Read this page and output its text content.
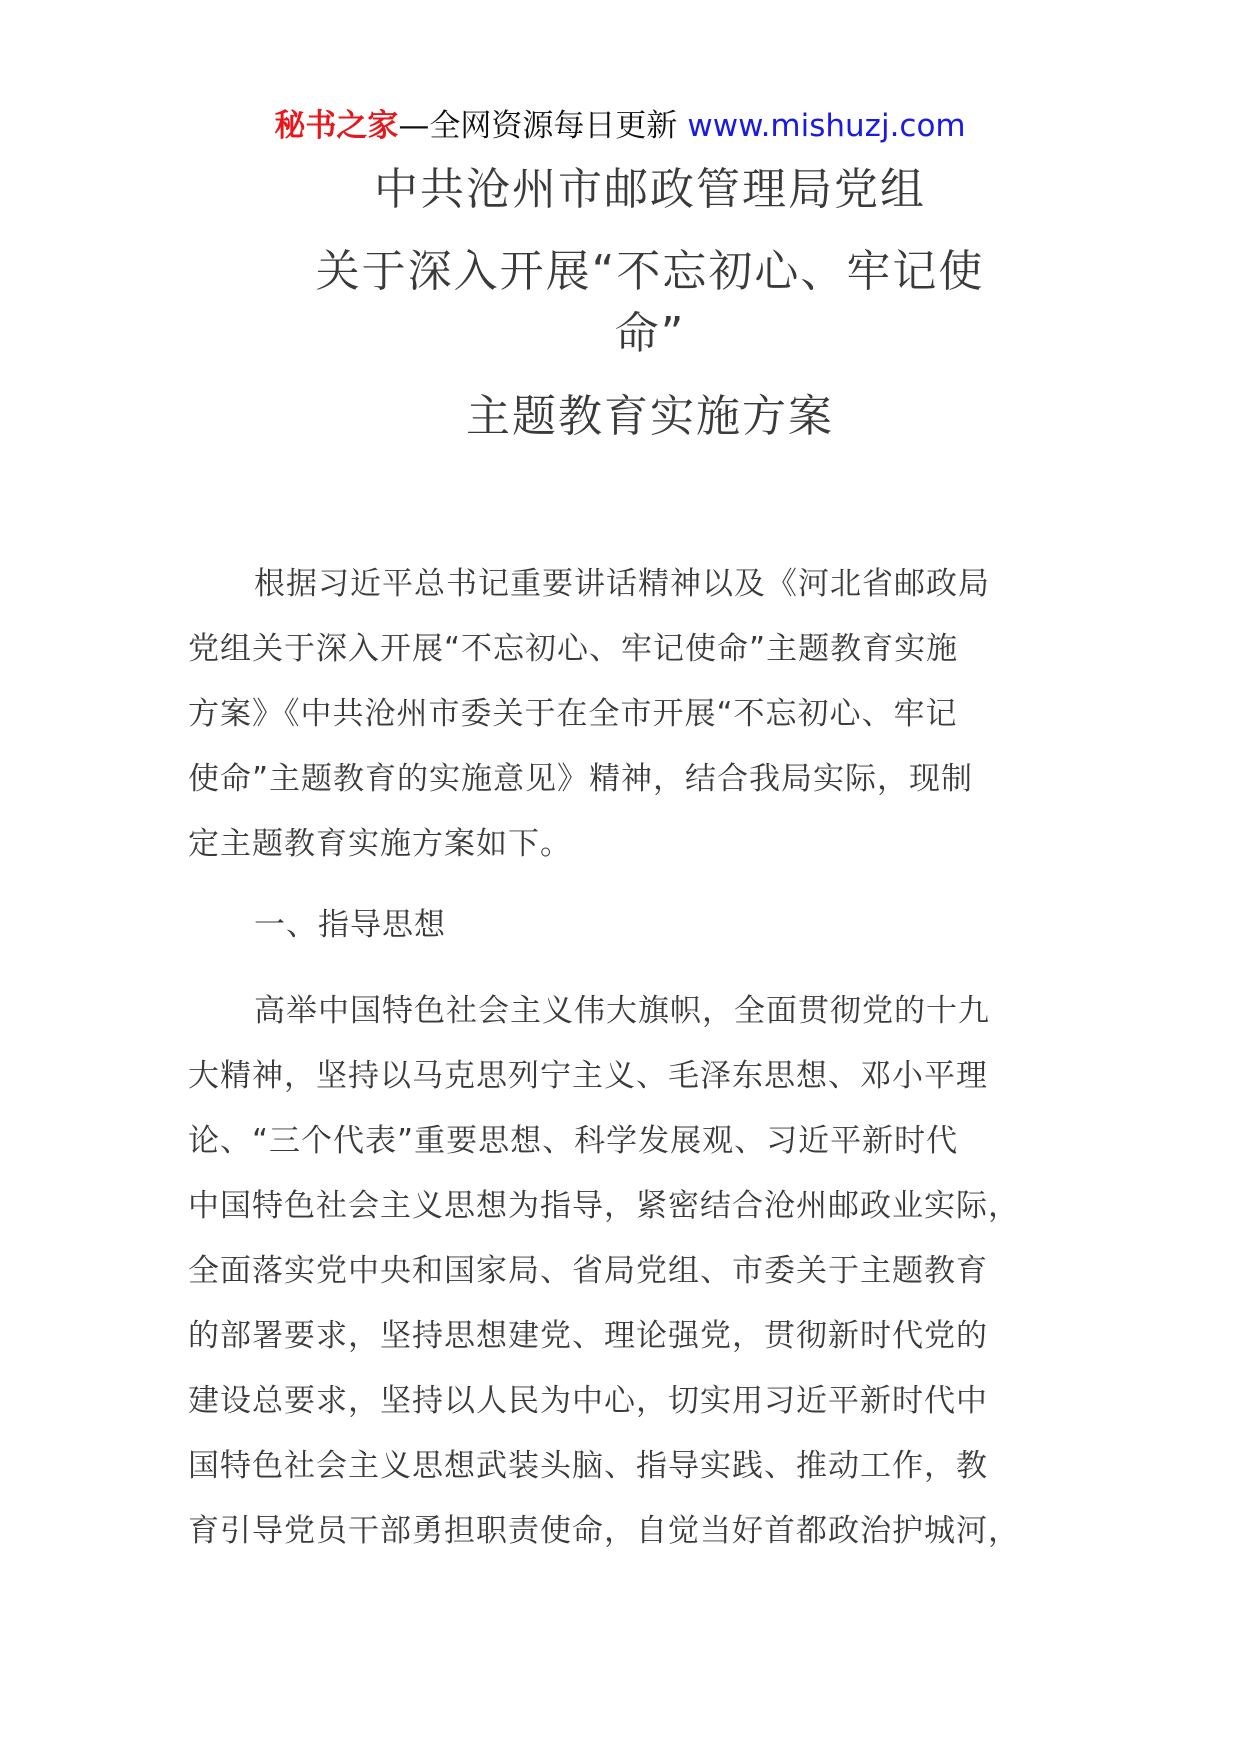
秘书之家—全网资源每日更新 www.mishuzj.com
中共沧州市邮政管理局党组
关于深入开展“不忘初心、牢记使
命”
主题教育实施方案
根据习近平总书记重要讲话精神以及《河北省邮政局
党组关于深入开展“不忘初心、牢记使命”主题教育实施
方案》《中共沧州市委关于在全市开展“不忘初心、牢记
使命”主题教育的实施意见》精神，结合我局实际，现制
定主题教育实施方案如下。
一、指导思想
高举中国特色社会主义伟大旗帜，全面贯彻党的十九
大精神，坚持以马克思列宁主义、毛泽东思想、邓小平理
论、“三个代表”重要思想、科学发展观、习近平新时代
中国特色社会主义思想为指导，紧密结合沧州邮政业实际，
全面落实党中央和国家局、省局党组、市委关于主题教育
的部署要求，坚持思想建党、理论强党，贯彻新时代党的
建设总要求，坚持以人民为中心，切实用习近平新时代中
国特色社会主义思想武装头脑、指导实践、推动工作，教
育引导党员干部勇担职责使命，自觉当好首都政治护城河，
